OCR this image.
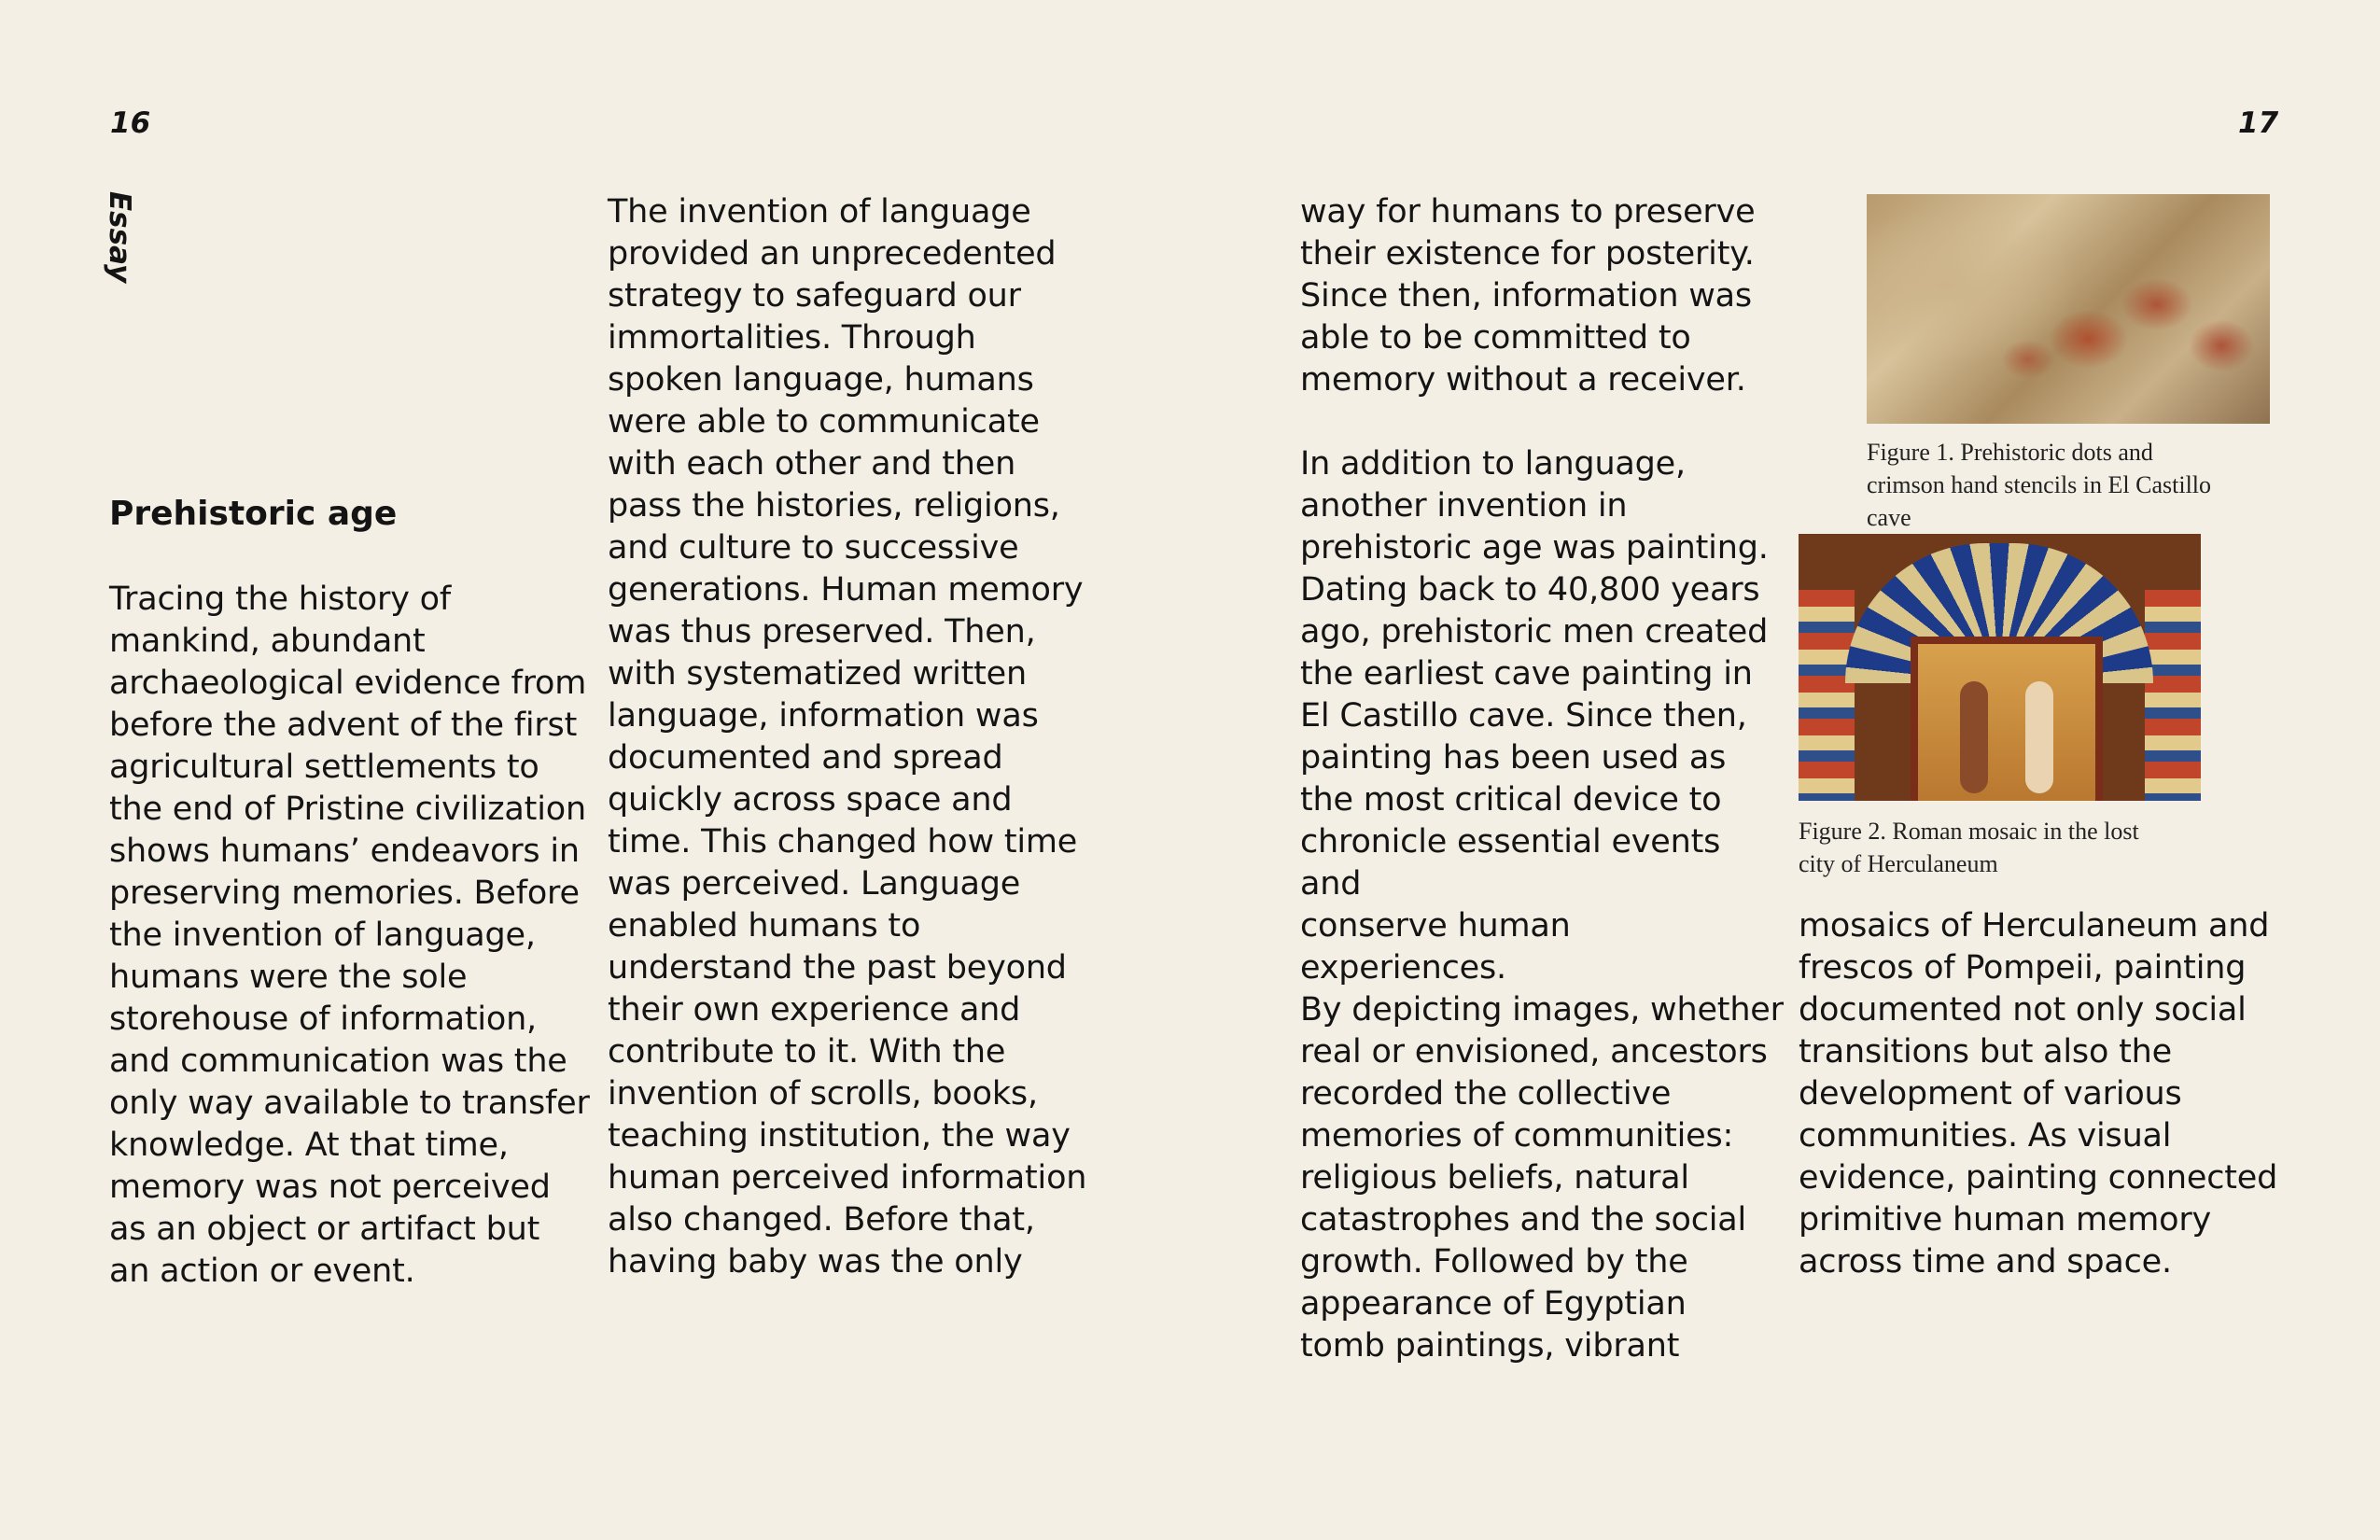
16	17
Essay
Prehistoric age
Tracing the history of
mankind, abundant
archaeological evidence from
before the advent of the first
agricultural settlements to
the end of Pristine civilization
shows humans’ endeavors in
preserving memories. Before
the invention of language,
humans were the sole
storehouse of information,
and communication was the
only way available to transfer
knowledge. At that time,
memory was not perceived
as an object or artifact but
an action or event.
The invention of language
provided an unprecedented
strategy to safeguard our
immortalities. Through
spoken language, humans
were able to communicate
with each other and then
pass the histories, religions,
and culture to successive
generations. Human memory
was thus preserved. Then,
with systematized written
language, information was
documented and spread
quickly across space and
time. This changed how time
was perceived. Language
enabled humans to
understand the past beyond
their own experience and
contribute to it. With the
invention of scrolls, books,
teaching institution, the way
human perceived information
also changed. Before that,
having baby was the only
way for humans to preserve
their existence for posterity.
Since then, information was
able to be committed to
memory without a receiver.
In addition to language,
another invention in
prehistoric age was painting.
Dating back to 40,800 years
ago, prehistoric men created
the earliest cave painting in
El Castillo cave. Since then,
painting has been used as
the most critical device to
chronicle essential events and
conserve human experiences.
By depicting images, whether
real or envisioned, ancestors
recorded the collective
memories of communities:
religious beliefs, natural
catastrophes and the social
growth. Followed by the
appearance of Egyptian
tomb paintings, vibrant
mosaics of Herculaneum and
frescos of Pompeii, painting
documented not only social
transitions but also the
development of various
communities. As visual
evidence, painting connected
primitive human memory
across time and space.
Figure 1. Prehistoric dots and
crimson hand stencils in El Castillo
cave
Figure 2. Roman mosaic in the lost
city of Herculaneum
